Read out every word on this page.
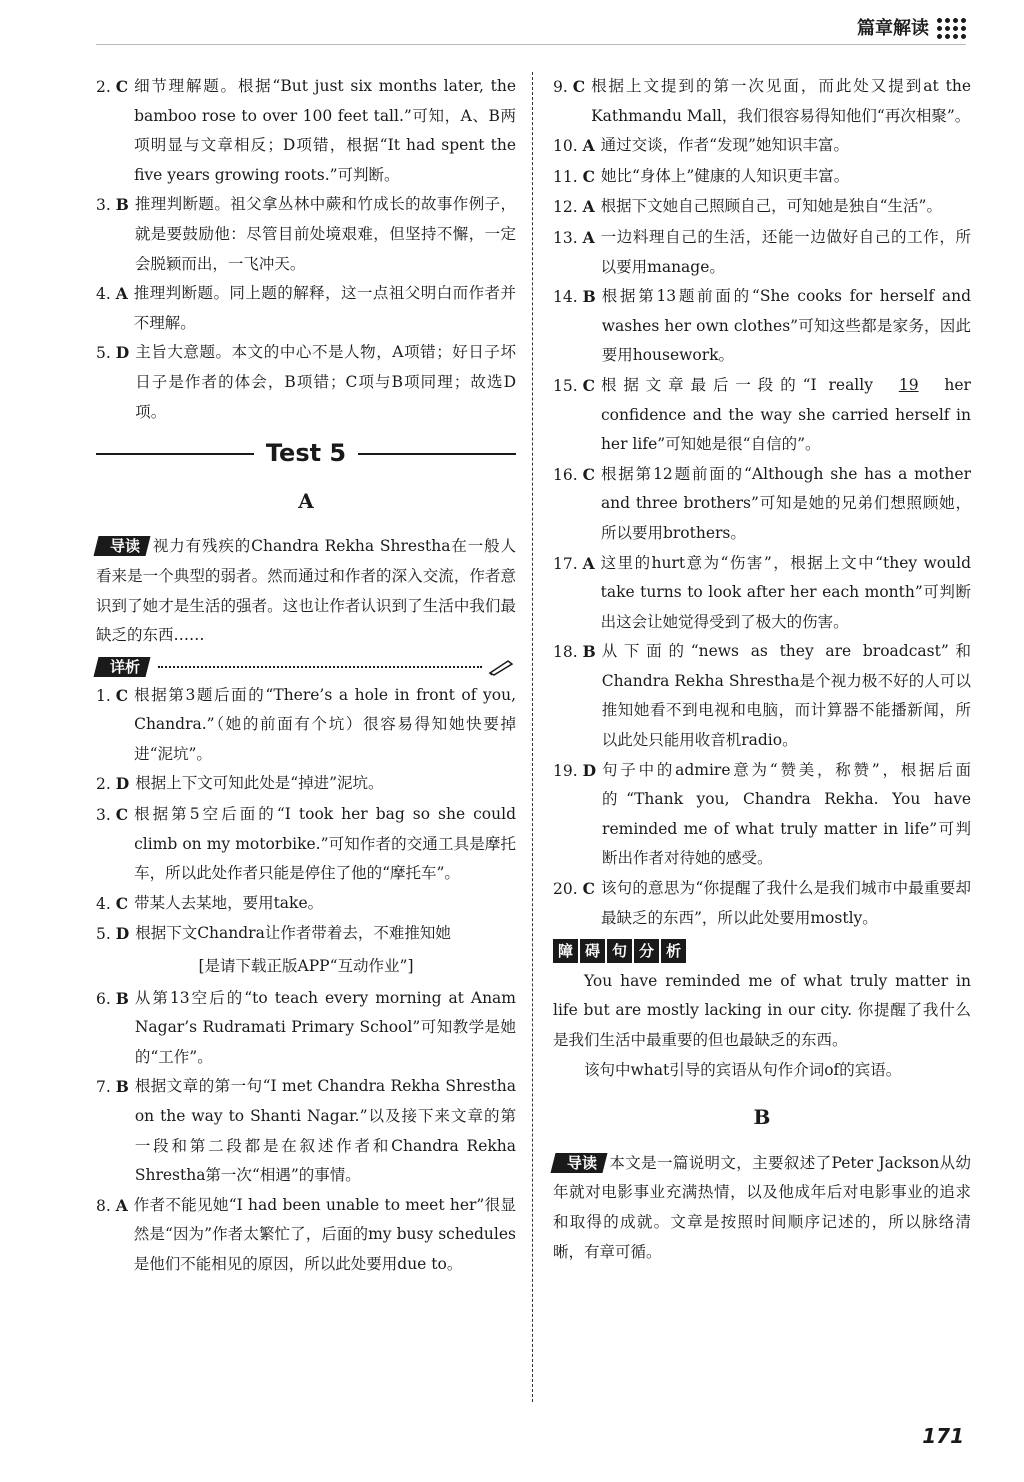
篇章解读
2. C 细节理解题。根据“But just six months later, the bamboo rose to over 100 feet tall.”可知，A、B两项明显与文章相反；D项错，根据“It had spent the five years growing roots.”可判断。
3. B 推理判断题。祖父拿丛林中蕨和竹成长的故事作例子，就是要鼓励他：尽管目前处境艰难，但坚持不懈，一定会脱颖而出，一飞冲天。
4. A 推理判断题。同上题的解释，这一点祖父明白而作者并不理解。
5. D 主旨大意题。本文的中心不是人物，A项错；好日子坏日子是作者的体会，B项错；C项与B项同理；故选D项。
Test 5
A

导读 视力有残疾的Chandra Rekha Shrestha在一般人看来是一个典型的弱者。然而通过和作者的深入交流，作者意识到了她才是生活的强者。这也让作者认识到了生活中我们最缺乏的东西……

详析
1. C 根据第3题后面的“There’s a hole in front of you, Chandra.”（她的前面有个坑）很容易得知她快要掉进“泥坑”。
2. D 根据上下文可知此处是“掉进”泥坑。
3. C 根据第5空后面的“I took her bag so she could climb on my motorbike.”可知作者的交通工具是摩托车，所以此处作者只能是停住了他的“摩托车”。
4. C 带某人去某地，要用take。
5. D 根据下文Chandra让作者带着去，不难推知她
[是请下载正版APP“互动作业”]
6. B 从第13空后的“to teach every morning at Anam Nagar’s Rudramati Primary School”可知教学是她的“工作”。
7. B 根据文章的第一句“I met Chandra Rekha Shrestha on the way to Shanti Nagar.”以及接下来文章的第一段和第二段都是在叙述作者和Chandra Rekha Shrestha第一次“相遇”的事情。
8. A 作者不能见她“I had been unable to meet her”很显然是“因为”作者太繁忙了，后面的my busy schedules是他们不能相见的原因，所以此处要用due to。
9. C 根据上文提到的第一次见面，而此处又提到at the Kathmandu Mall，我们很容易得知他们“再次相聚”。
10. A 通过交谈，作者“发现”她知识丰富。
11. C 她比“身体上”健康的人知识更丰富。
12. A 根据下文她自己照顾自己，可知她是独自“生活”。
13. A 一边料理自己的生活，还能一边做好自己的工作，所以要用manage。
14. B 根据第13题前面的“She cooks for herself and washes her own clothes”可知这些都是家务，因此要用housework。
15. C 根据文章最后一段的“I really 19 her confidence and the way she carried herself in her life”可知她是很“自信的”。
16. C 根据第12题前面的“Although she has a mother and three brothers”可知是她的兄弟们想照顾她，所以要用brothers。
17. A 这里的hurt意为“伤害”，根据上文中“they would take turns to look after her each month”可判断出这会让她觉得受到了极大的伤害。
18. B 从下面的“news as they are broadcast”和Chandra Rekha Shrestha是个视力极不好的人可以推知她看不到电视和电脑，而计算器不能播新闻，所以此处只能用收音机radio。
19. D 句子中的admire意为“赞美，称赞”，根据后面的“Thank you, Chandra Rekha. You have reminded me of what truly matter in life”可判断出作者对待她的感受。
20. C 该句的意思为“你提醒了我什么是我们城市中最重要却最缺乏的东西”，所以此处要用mostly。
障 碍 句 分 析

You have reminded me of what truly matter in life but are mostly lacking in our city. 你提醒了我什么是我们生活中最重要的但也最缺乏的东西。

该句中what引导的宾语从句作介词of的宾语。

B

导读 本文是一篇说明文，主要叙述了Peter Jackson从幼年就对电影事业充满热情，以及他成年后对电影事业的追求和取得的成就。文章是按照时间顺序记述的，所以脉络清晰，有章可循。

171
